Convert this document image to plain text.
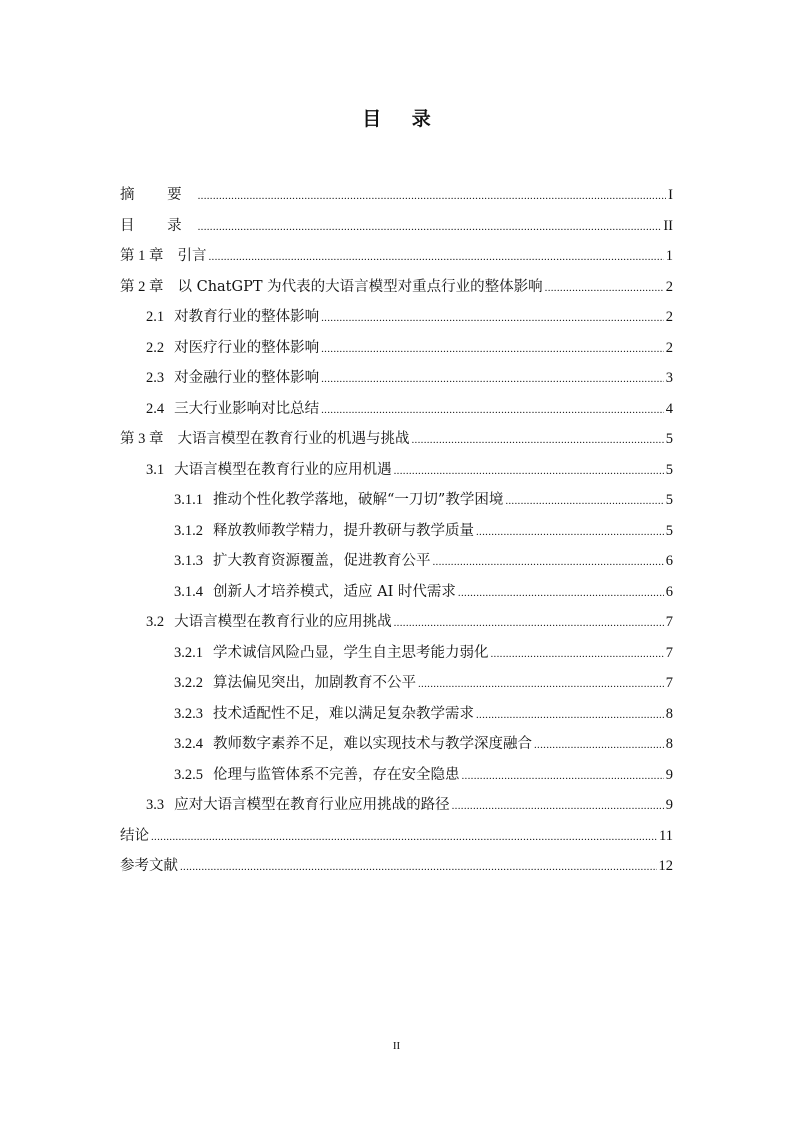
目 录
摘 要 .....	I
目 录 .....	II
第 1 章 引言 .....	1
第 2 章 以 ChatGPT 为代表的大语言模型对重点行业的整体影响 .....	2
2.1 对教育行业的整体影响 .....	2
2.2 对医疗行业的整体影响 .....	2
2.3 对金融行业的整体影响 .....	3
2.4 三大行业影响对比总结 .....	4
第 3 章 大语言模型在教育行业的机遇与挑战 .....	5
3.1 大语言模型在教育行业的应用机遇 .....	5
3.1.1 推动个性化教学落地，破解“一刀切”教学困境 .....	5
3.1.2 释放教师教学精力，提升教研与教学质量 .....	5
3.1.3 扩大教育资源覆盖，促进教育公平 .....	6
3.1.4 创新人才培养模式，适应 AI 时代需求 .....	6
3.2 大语言模型在教育行业的应用挑战 .....	7
3.2.1 学术诚信风险凸显，学生自主思考能力弱化 .....	7
3.2.2 算法偏见突出，加剧教育不公平 .....	7
3.2.3 技术适配性不足，难以满足复杂教学需求 .....	8
3.2.4 教师数字素养不足，难以实现技术与教学深度融合 .....	8
3.2.5 伦理与监管体系不完善，存在安全隐患 .....	9
3.3 应对大语言模型在教育行业应用挑战的路径 .....	9
结论 .....	11
参考文献 .....	12
II
